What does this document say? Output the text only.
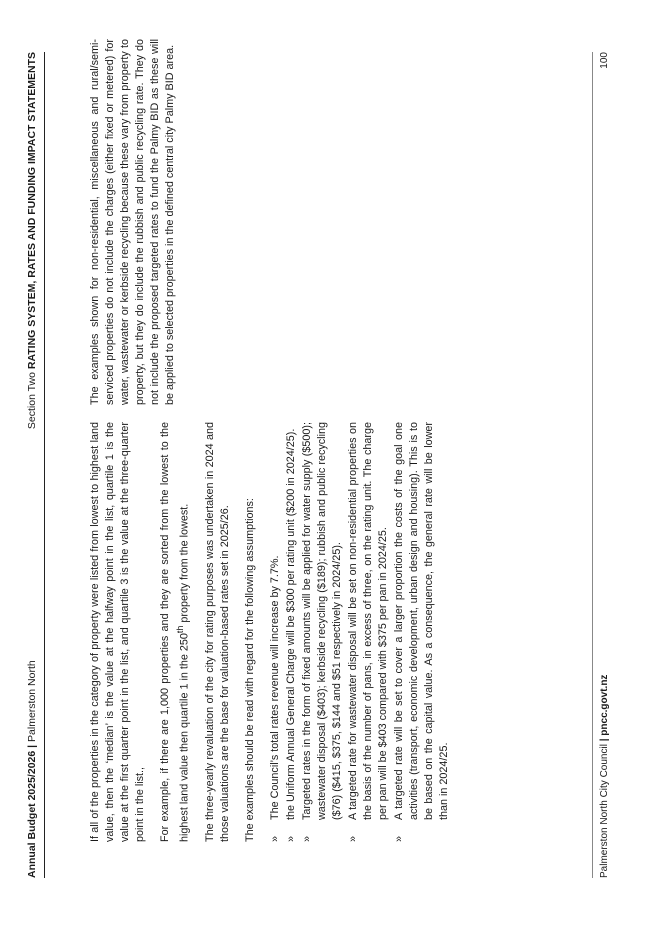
Annual Budget 2025/2026 | Palmerston North
Section Two RATING SYSTEM, RATES AND FUNDING IMPACT STATEMENTS

If all of the properties in the category of property were listed from lowest to highest land value, then the ‘median’ is the value at the halfway point in the list, quartile 1 is the value at the first quarter point in the list, and quartile 3 is the value at the three-quarter point in the list., For example, if there are 1,000 properties and they are sorted from the lowest to the highest land value then quartile 1 in the 250th property from the lowest. The three-yearly revaluation of the city for rating purposes was undertaken in 2024 and those valuations are the base for valuation-based rates set in 2025/26. The examples should be read with regard for the following assumptions: »
The Council’s total rates revenue will increase by 7.7%.
»
the Uniform Annual General Charge will be $300 per rating unit ($200 in 2024/25).
»
Targeted rates in the form of fixed amounts will be applied for water supply ($500); wastewater disposal ($403); kerbside recycling ($189); rubbish and public recycling ($76) ($415, $375, $144 and $51 respectively in 2024/25).
»
A targeted rate for wastewater disposal will be set on non-residential properties on the basis of the number of pans, in excess of three, on the rating unit. The charge per pan will be $403 compared with $375 per pan in 2024/25.
»
A targeted rate will be set to cover a larger proportion the costs of the goal one activities (transport, economic development, urban design and housing). This is to be based on the capital value. As a consequence, the general rate will be lower than in 2024/25.

The examples shown for non-residential, miscellaneous and rural/semi-serviced properties do not include the charges (either fixed or metered) for water, wastewater or kerbside recycling because these vary from property to property, but they do include the rubbish and public recycling rate. They do not include the proposed targeted rates to fund the Palmy BID as these will be applied to selected properties in the defined central city Palmy BID area.

Palmerston North City Council | pncc.govt.nz
100
